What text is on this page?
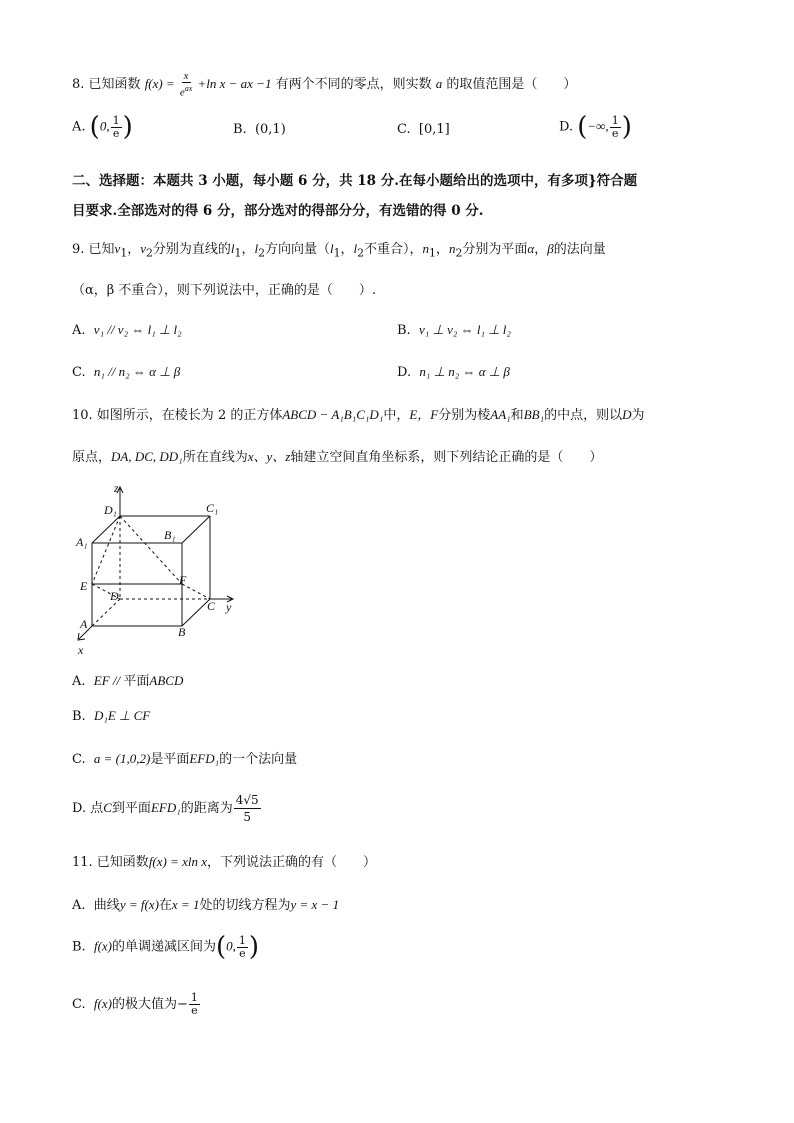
8. 已知函数 $f(x) = \frac{x}{e^{ax}} +\ln$ x − ax −1 有两个不同的零点，则实数 a 的取值范围是（　　）
A. (0, $\frac{1}{e}$ )	B. (0,1)	C. [0,1]	D. (−∞, $\frac{1}{e}$ )
二、选择题：本题共 3 小题，每小题 6 分，共 18 分.在每小题给出的选项中，有多项}符合题
目要求.全部选对的得 6 分，部分选对的得部分分，有选错的得 0 分.
9. 已知$v_1$，$v_2$分别为直线的$l_1$，$l_2$方向向量（$l_1$，$l_2$不重合），$n_1$，$n_2$分别为平面α，β的法向量
（α，β 不重合），则下列说法中，正确的是（　　）.
A. v₁ // v₂ ⇔ l₁ ⊥ l₂	B. v₁ ⊥ v₂ ⇔ l₁ ⊥ l₂
C. n₁ // n₂ ⇔ α ⊥ β	D. n₁ ⊥ n₂ ⇔ α ⊥ β
10. 如图所示，在棱长为 2 的正方体ABCD − A₁B₁C₁D₁中，E，F分别为棱AA₁和BB₁的中点，则以D为
原点，DA, DC, DD₁所在直线为x、y、z轴建立空间直角坐标系，则下列结论正确的是（　　）
z
D₁	C₁
A₁	B₁
E	F
D
C y
A
B
x
A. EF // 平面ABCD
B. D₁E ⊥ CF
C. a = (1,0,2)是平面EFD₁的一个法向量
D. 点C到平面EFD₁的距离为 $\frac{4√5}{5}$
11. 已知函数f(x) = xln x，下列说法正确的有（　　）
A. 曲线y = f(x)在x = 1处的切线方程为y = x − 1
B. f(x)的单调递减区间为(0, $\frac{1}{e}$ )
C. f(x)的极大值为− $\frac{1}{e}$
